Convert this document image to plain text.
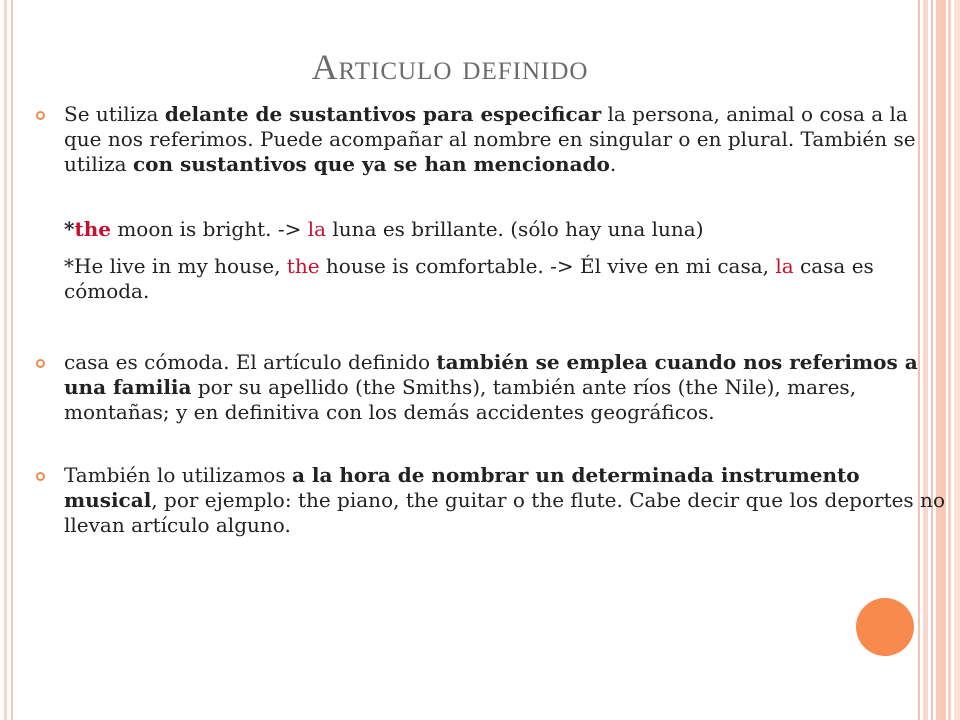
Articulo definido
Se utiliza delante de sustantivos para especificar la persona, animal o cosa a la que nos referimos. Puede acompañar al nombre en singular o en plural. También se utiliza con sustantivos que ya se han mencionado.
*the moon is bright. -> la luna es brillante. (sólo hay una luna)
*He live in my house, the house is comfortable. -> Él vive en mi casa, la casa es cómoda.
casa es cómoda. El artículo definido también se emplea cuando nos referimos a una familia por su apellido (the Smiths), también ante ríos (the Nile), mares, montañas; y en definitiva con los demás accidentes geográficos.
También lo utilizamos a la hora de nombrar un determinada instrumento musical, por ejemplo: the piano, the guitar o the flute. Cabe decir que los deportes no llevan artículo alguno.
